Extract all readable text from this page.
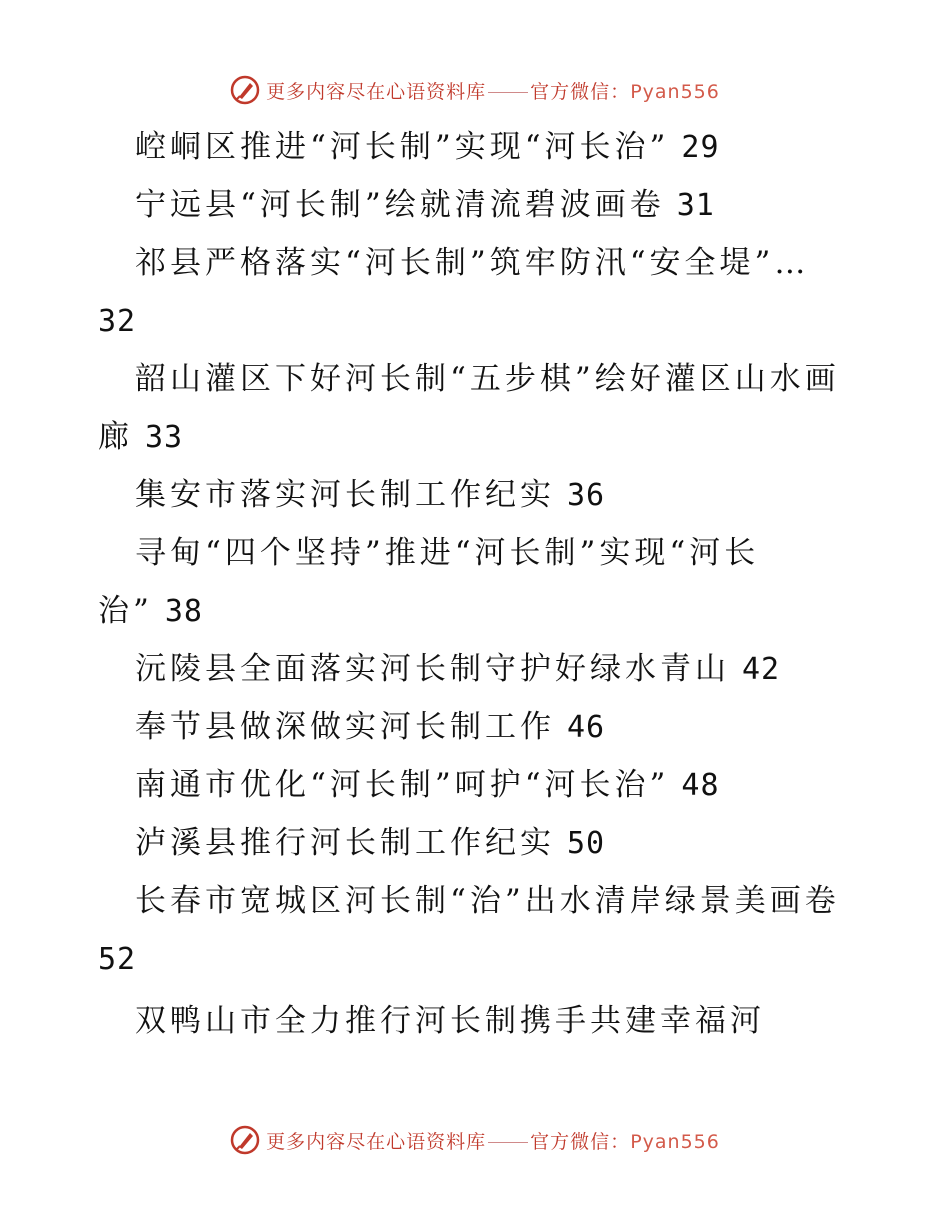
更多内容尽在心语资料库 官方微信：Pyan556
崆峒区推进“河长制”实现“河长治” 29
宁远县“河长制”绘就清流碧波画卷 31
祁县严格落实“河长制”筑牢防汛“安全堤”…
32
韶山灌区下好河长制“五步棋”绘好灌区山水画
廊 33
集安市落实河长制工作纪实 36
寻甸“四个坚持”推进“河长制”实现“河长
治” 38
沅陵县全面落实河长制守护好绿水青山 42
奉节县做深做实河长制工作 46
南通市优化“河长制”呵护“河长治” 48
泸溪县推行河长制工作纪实 50
长春市宽城区河长制“治”出水清岸绿景美画卷
52
双鸭山市全力推行河长制携手共建幸福河
更多内容尽在心语资料库 官方微信：Pyan556
